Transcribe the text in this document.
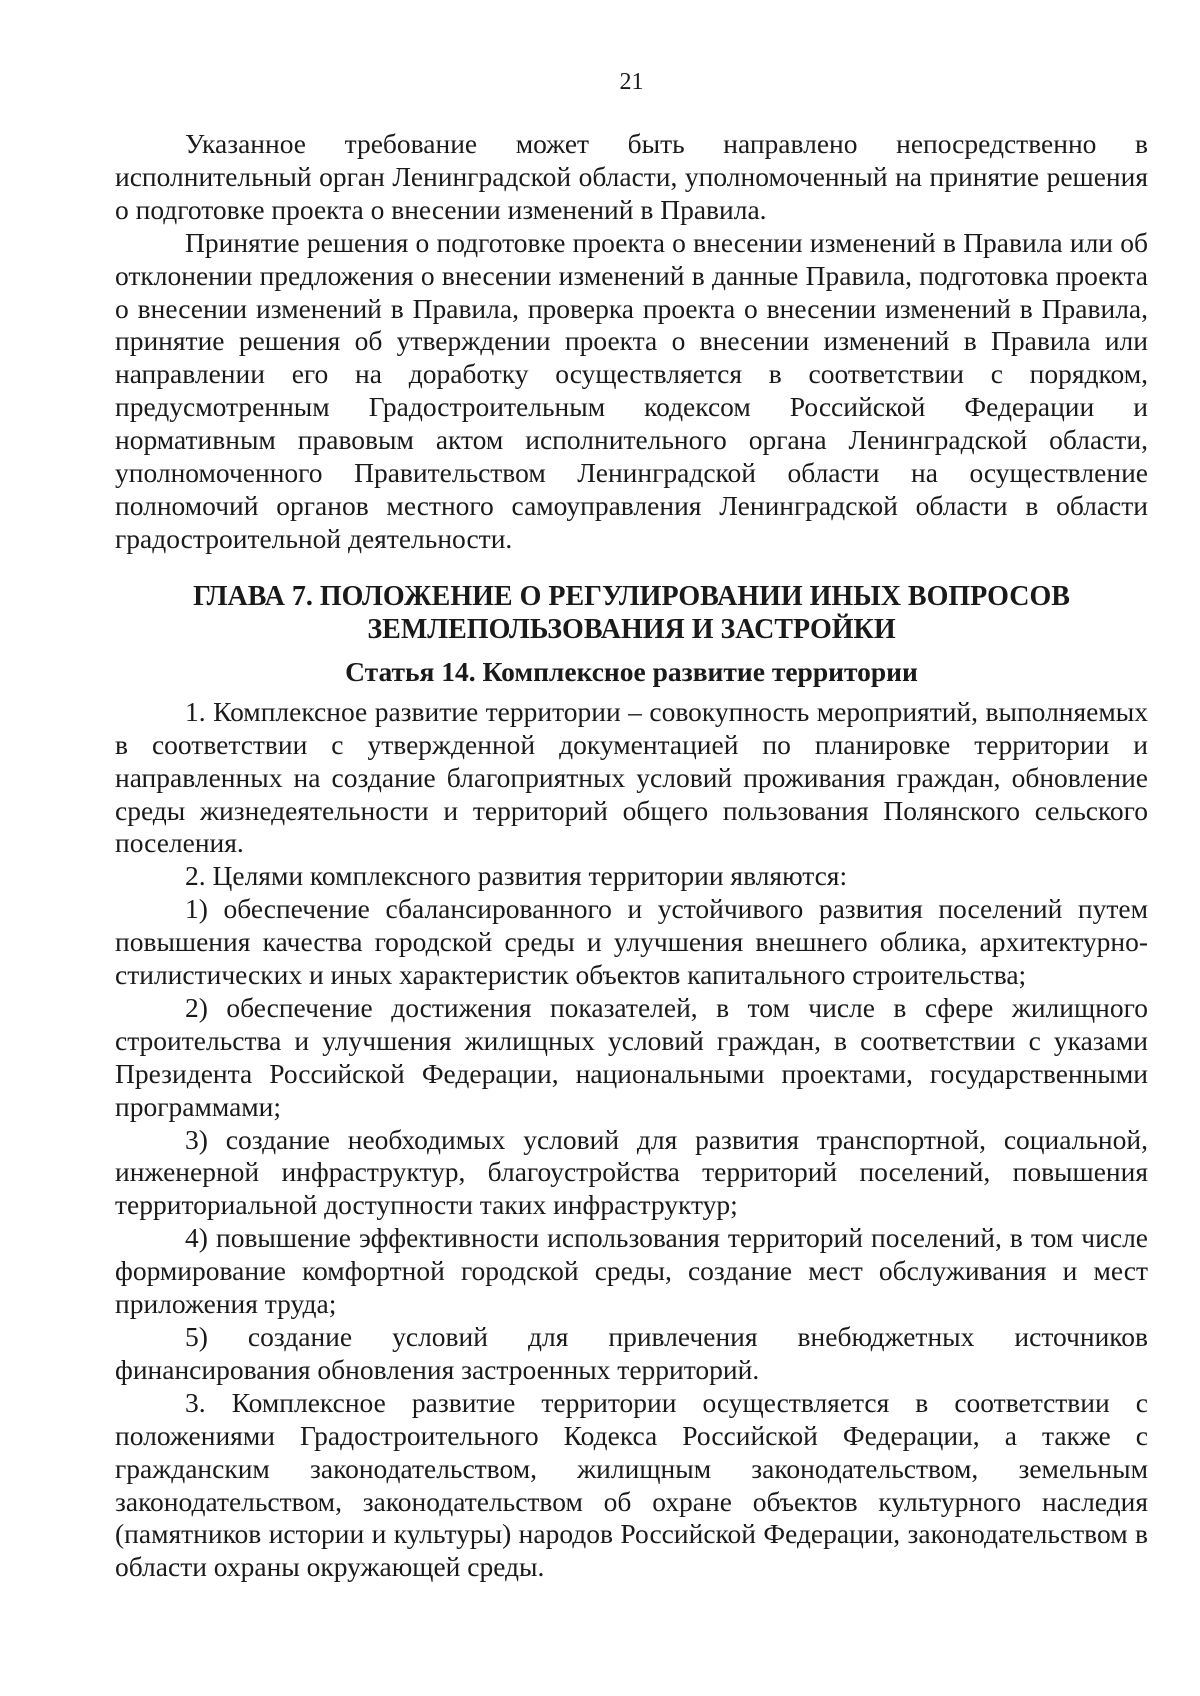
21

Указанное требование может быть направлено непосредственно в исполнительный орган Ленинградской области, уполномоченный на принятие решения о подготовке проекта о внесении изменений в Правила.

Принятие решения о подготовке проекта о внесении изменений в Правила или об отклонении предложения о внесении изменений в данные Правила, подготовка проекта о внесении изменений в Правила, проверка проекта о внесении изменений в Правила, принятие решения об утверждении проекта о внесении изменений в Правила или направлении его на доработку осуществляется в соответствии с порядком, предусмотренным Градостроительным кодексом Российской Федерации и нормативным правовым актом исполнительного органа Ленинградской области, уполномоченного Правительством Ленинградской области на осуществление полномочий органов местного самоуправления Ленинградской области в области градостроительной деятельности.

ГЛАВА 7. ПОЛОЖЕНИЕ О РЕГУЛИРОВАНИИ ИНЫХ ВОПРОСОВ
ЗЕМЛЕПОЛЬЗОВАНИЯ И ЗАСТРОЙКИ
Статья 14. Комплексное развитие территории

1. Комплексное развитие территории – совокупность мероприятий, выполняемых в соответствии с утвержденной документацией по планировке территории и направленных на создание благоприятных условий проживания граждан, обновление среды жизнедеятельности и территорий общего пользования Полянского сельского поселения.

2. Целями комплексного развития территории являются:

1) обеспечение сбалансированного и устойчивого развития поселений путем повышения качества городской среды и улучшения внешнего облика, архитектурно-стилистических и иных характеристик объектов капитального строительства;

2) обеспечение достижения показателей, в том числе в сфере жилищного строительства и улучшения жилищных условий граждан, в соответствии с указами Президента Российской Федерации, национальными проектами, государственными программами;

3) создание необходимых условий для развития транспортной, социальной, инженерной инфраструктур, благоустройства территорий поселений, повышения территориальной доступности таких инфраструктур;

4) повышение эффективности использования территорий поселений, в том числе формирование комфортной городской среды, создание мест обслуживания и мест приложения труда;

5) создание условий для привлечения внебюджетных источников финансирования обновления застроенных территорий.

3. Комплексное развитие территории осуществляется в соответствии с положениями Градостроительного Кодекса Российской Федерации, а также с гражданским законодательством, жилищным законодательством, земельным законодательством, законодательством об охране объектов культурного наследия (памятников истории и культуры) народов Российской Федерации, законодательством в области охраны окружающей среды.
